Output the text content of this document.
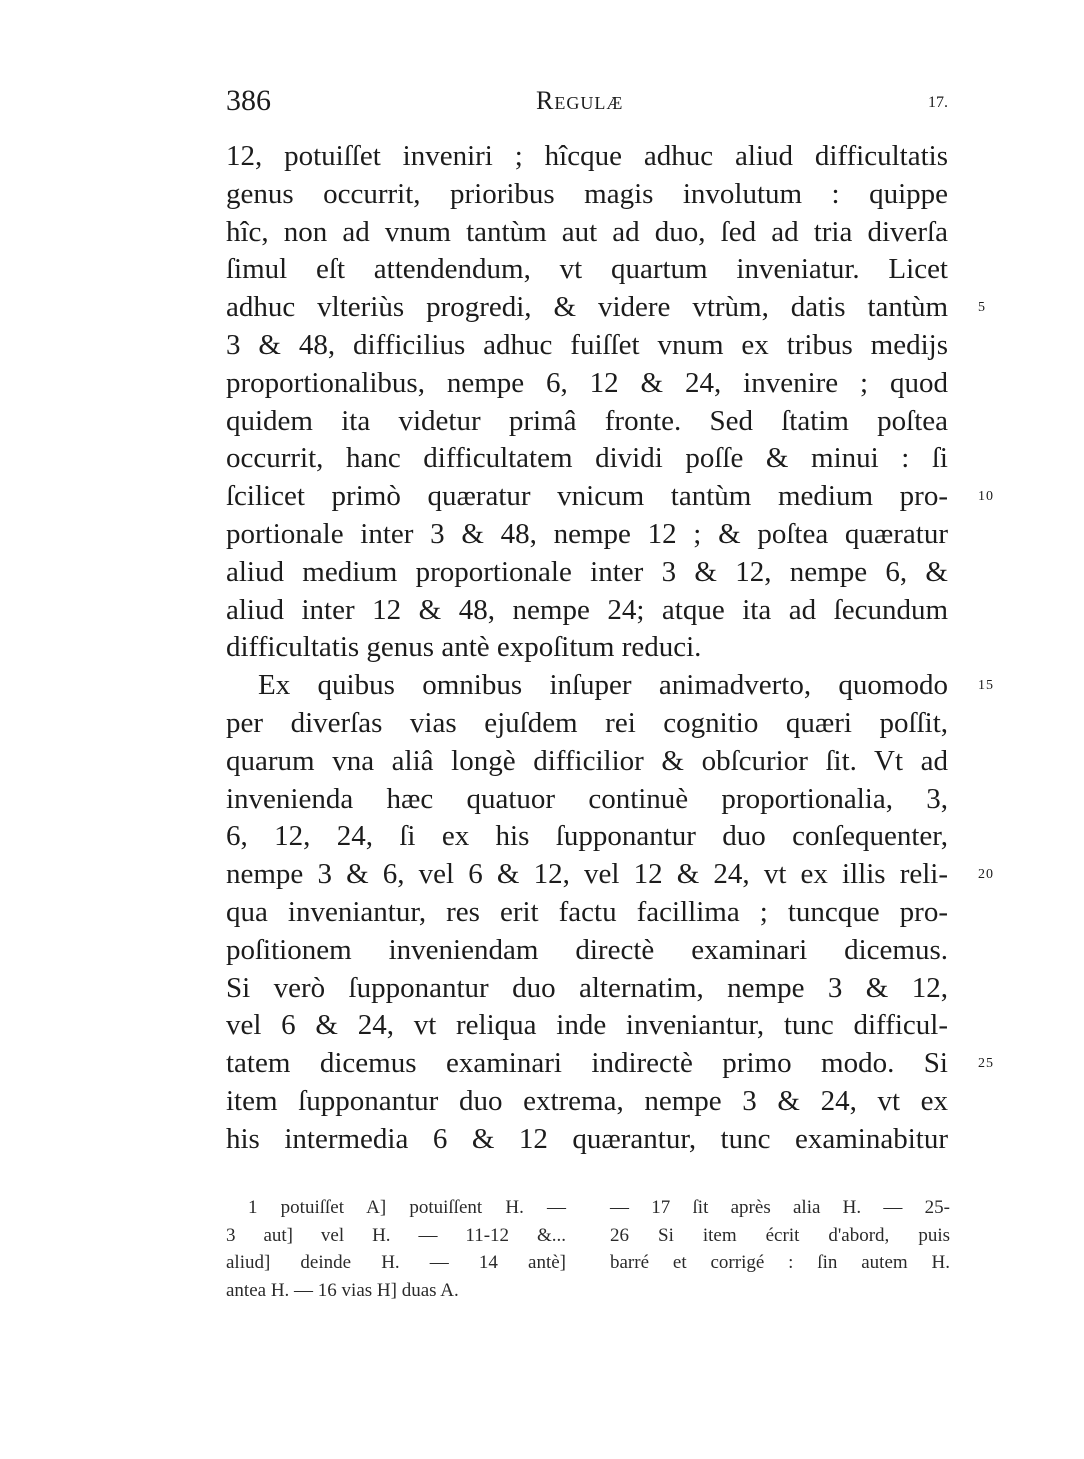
386	Regulæ	17.
12, potuiſſet inveniri ; hîcque adhuc aliud difficultatis
genus occurrit, prioribus magis involutum : quippe
hîc, non ad vnum tantùm aut ad duo, ſed ad tria diverſa
ſimul eſt attendendum, vt quartum inveniatur. Licet
adhuc vlteriùs progredi, & videre vtrùm, datis tantùm 5
3 & 48, difficilius adhuc fuiſſet vnum ex tribus medijs
proportionalibus, nempe 6, 12 & 24, invenire ; quod
quidem ita videtur primâ fronte. Sed ſtatim poſtea
occurrit, hanc difficultatem dividi poſſe & minui : ſi
ſcilicet primò quæratur vnicum tantùm medium pro- 10
portionale inter 3 & 48, nempe 12 ; & poſtea quæratur
aliud medium proportionale inter 3 & 12, nempe 6, &
aliud inter 12 & 48, nempe 24; atque ita ad ſecundum
difficultatis genus antè expoſitum reduci.
Ex quibus omnibus inſuper animadverto, quomodo 15
per diverſas vias ejuſdem rei cognitio quæri poſſit,
quarum vna aliâ longè difficilior & obſcurior ſit. Vt ad
invenienda hæc quatuor continuè proportionalia, 3,
6, 12, 24, ſi ex his ſupponantur duo conſequenter,
nempe 3 & 6, vel 6 & 12, vel 12 & 24, vt ex illis reli- 20
qua inveniantur, res erit factu facillima ; tuncque pro-
poſitionem inveniendam directè examinari dicemus.
Si verò ſupponantur duo alternatim, nempe 3 & 12,
vel 6 & 24, vt reliqua inde inveniantur, tunc difficul-
tatem dicemus examinari indirectè primo modo. Si 25
item ſupponantur duo extrema, nempe 3 & 24, vt ex
his intermedia 6 & 12 quærantur, tunc examinabitur
1 potuiſſet A] potuiſſent H. —
3 aut] vel H. — 11-12 &...
aliud] deinde H. — 14 antè]
antea H. — 16 vias H] duas A.
— 17 ſit après alia H. — 25-
26 Si item écrit d'abord, puis
barré et corrigé : ſin autem H.
